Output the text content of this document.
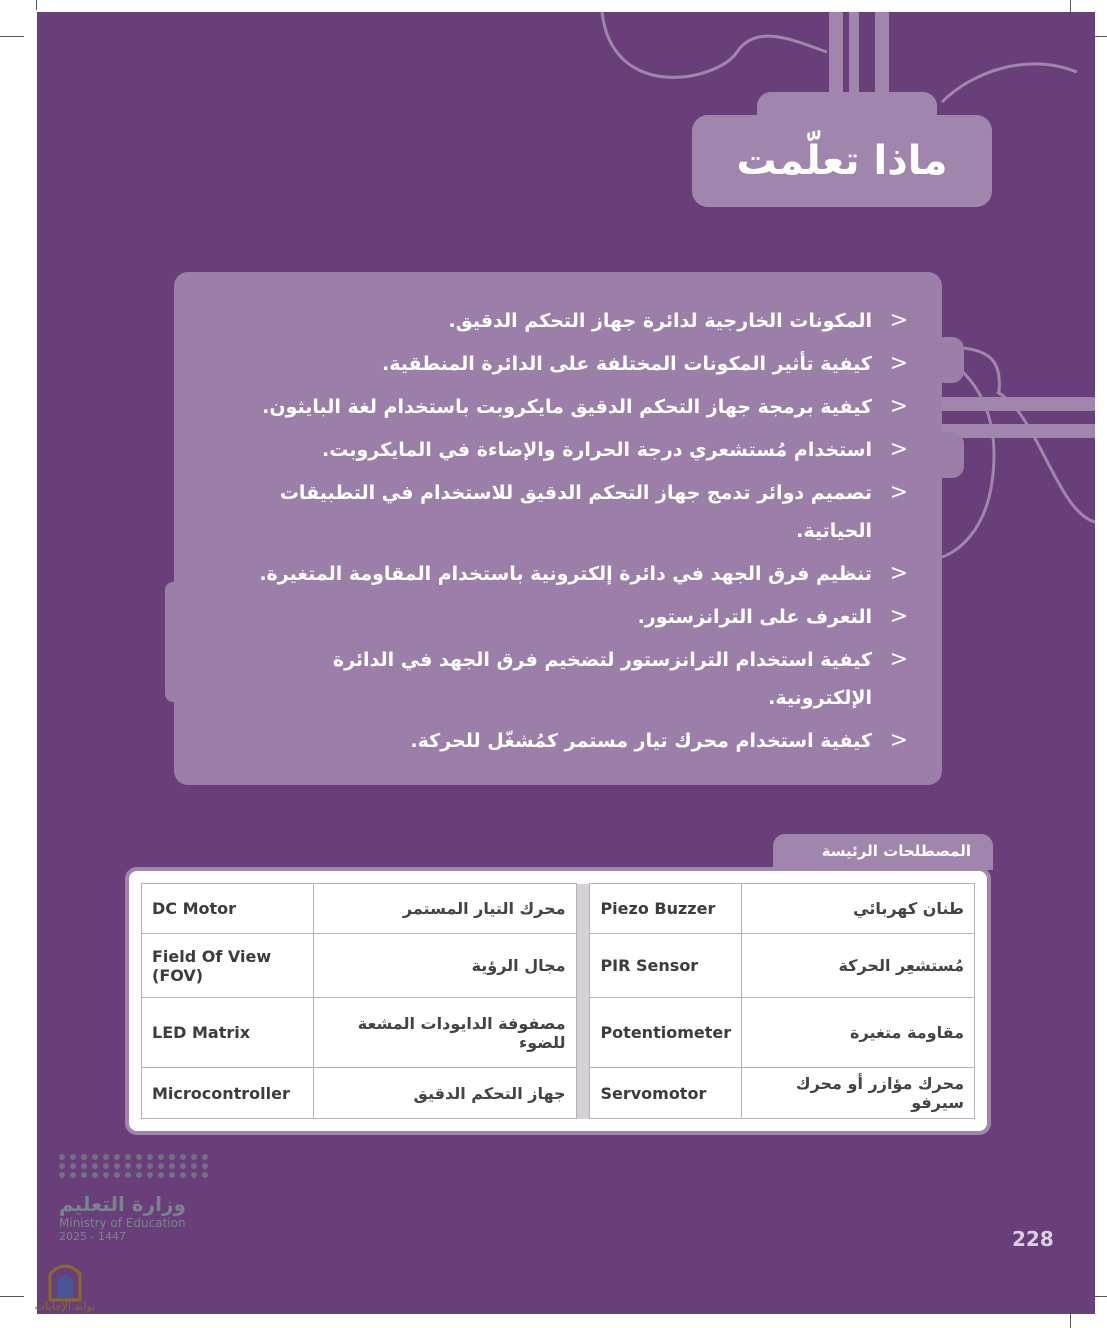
ماذا تعلّمت
<
المكونات الخارجية لدائرة جهاز التحكم الدقيق.
<
كيفية تأثير المكونات المختلفة على الدائرة المنطقية.
<
كيفية برمجة جهاز التحكم الدقيق مايكروبت باستخدام لغة البايثون.
<
استخدام مُستشعري درجة الحرارة والإضاءة في المايكروبت.
<
تصميم دوائر تدمج جهاز التحكم الدقيق للاستخدام في التطبيقات الحياتية.
<
تنظيم فرق الجهد في دائرة إلكترونية باستخدام المقاومة المتغيرة.
<
التعرف على الترانزستور.
<
كيفية استخدام الترانزستور لتضخيم فرق الجهد في الدائرة الإلكترونية.
<
كيفية استخدام محرك تيار مستمر كمُشغّل للحركة.
المصطلحات الرئيسة
DC Motor	محرك التيار المستمر		Piezo Buzzer	طنان كهربائي
Field Of View (FOV)	مجال الرؤية		PIR Sensor	مُستشعِر الحركة
LED Matrix	مصفوفة الدايودات المشعة للضوء		Potentiometer	مقاومة متغيرة
Microcontroller	جهاز التحكم الدقيق		Servomotor	محرك مؤازر أو محرك سيرفو
وزارة التعليم
Ministry of Education
2025 - 1447	228
بوابة الإجابات
